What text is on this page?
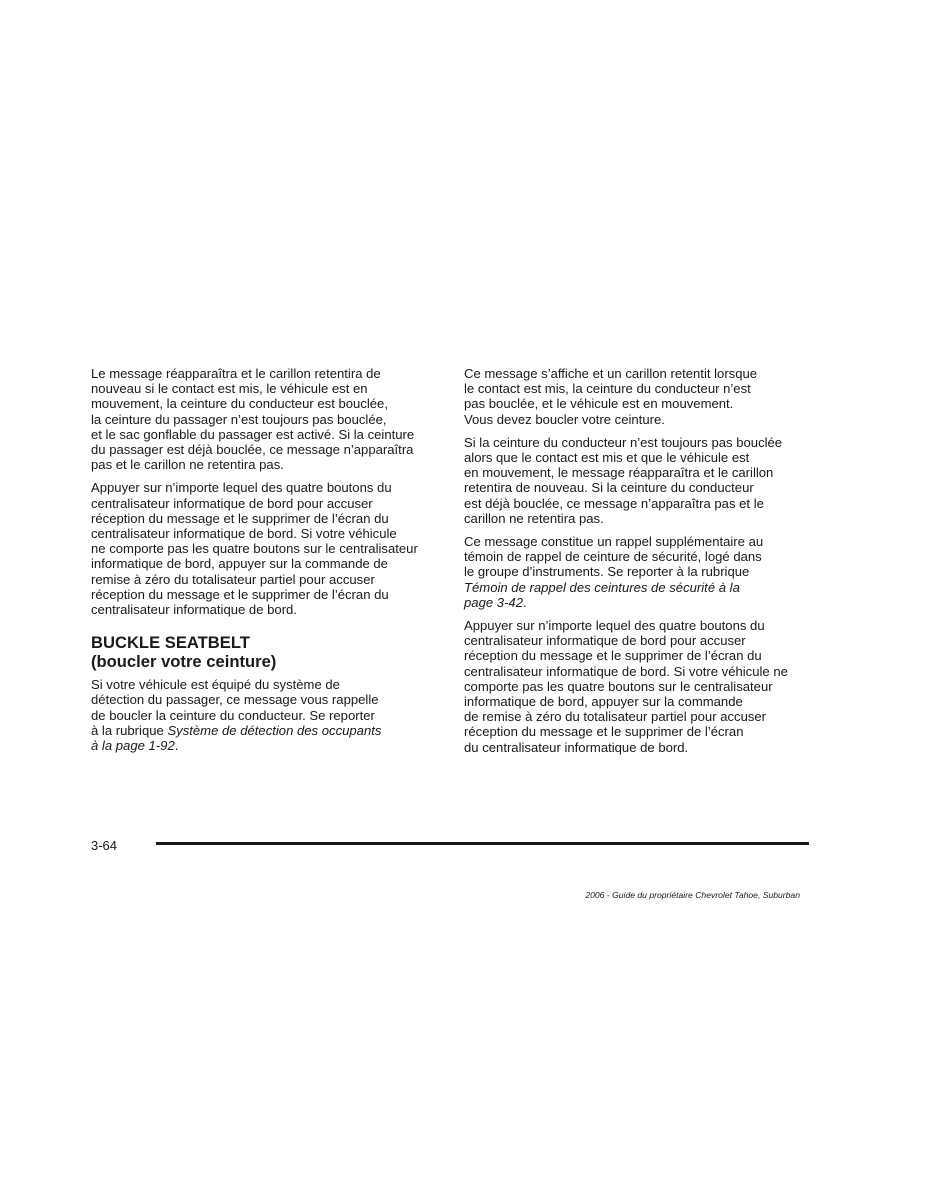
Le message réapparaîtra et le carillon retentira de
nouveau si le contact est mis, le véhicule est en
mouvement, la ceinture du conducteur est bouclée,
la ceinture du passager n’est toujours pas bouclée,
et le sac gonflable du passager est activé. Si la ceinture
du passager est déjà bouclée, ce message n’apparaîtra
pas et le carillon ne retentira pas.

Appuyer sur n’importe lequel des quatre boutons du
centralisateur informatique de bord pour accuser
réception du message et le supprimer de l’écran du
centralisateur informatique de bord. Si votre véhicule
ne comporte pas les quatre boutons sur le centralisateur
informatique de bord, appuyer sur la commande de
remise à zéro du totalisateur partiel pour accuser
réception du message et le supprimer de l’écran du
centralisateur informatique de bord.

BUCKLE SEATBELT
(boucler votre ceinture)

Si votre véhicule est équipé du système de
détection du passager, ce message vous rappelle
de boucler la ceinture du conducteur. Se reporter
à la rubrique Système de détection des occupants
à la page 1-92.

Ce message s’affiche et un carillon retentit lorsque
le contact est mis, la ceinture du conducteur n’est
pas bouclée, et le véhicule est en mouvement.
Vous devez boucler votre ceinture.

Si la ceinture du conducteur n’est toujours pas bouclée
alors que le contact est mis et que le véhicule est
en mouvement, le message réapparaîtra et le carillon
retentira de nouveau. Si la ceinture du conducteur
est déjà bouclée, ce message n’apparaîtra pas et le
carillon ne retentira pas.

Ce message constitue un rappel supplémentaire au
témoin de rappel de ceinture de sécurité, logé dans
le groupe d’instruments. Se reporter à la rubrique
Témoin de rappel des ceintures de sécurité à la
page 3-42.

Appuyer sur n’importe lequel des quatre boutons du
centralisateur informatique de bord pour accuser
réception du message et le supprimer de l’écran du
centralisateur informatique de bord. Si votre véhicule ne
comporte pas les quatre boutons sur le centralisateur
informatique de bord, appuyer sur la commande
de remise à zéro du totalisateur partiel pour accuser
réception du message et le supprimer de l’écran
du centralisateur informatique de bord.

3-64
2006 - Guide du propriétaire Chevrolet Tahoe, Suburban
